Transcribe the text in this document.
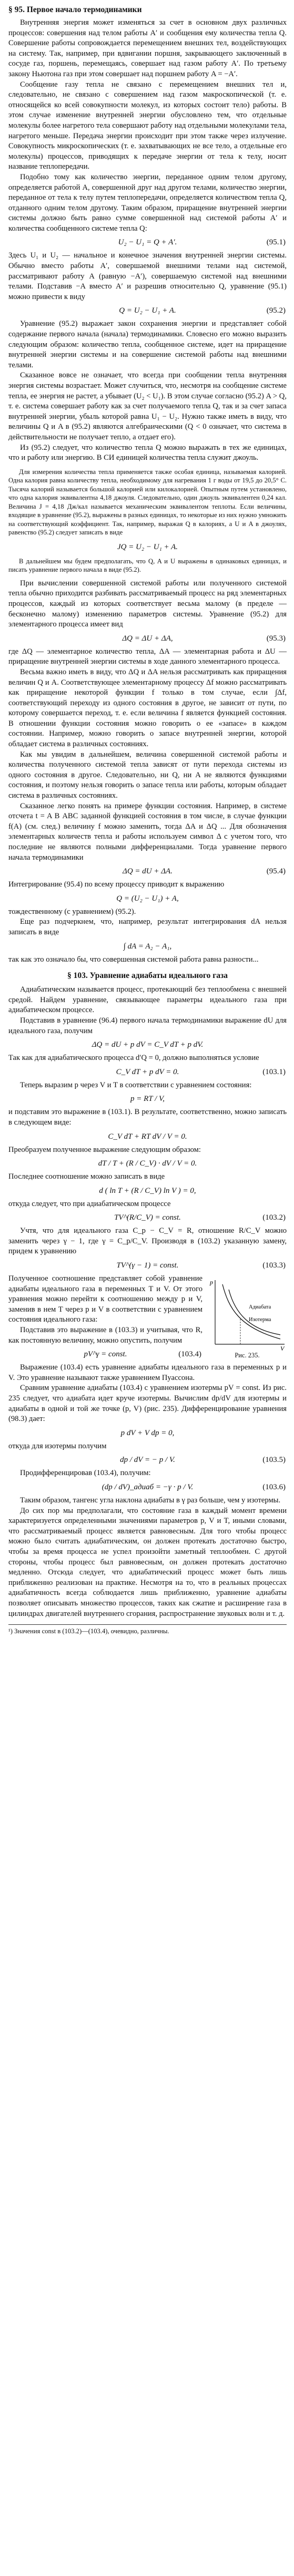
§ 95. Первое начало термодинамики

Внутренняя энергия может изменяться за счет в основном двух различных процессов: совершения над телом работы A′ и сообщения ему количества тепла Q. Совершение работы сопровождается перемещением внешних тел, воздействующих на систему. Так, например, при вдвигании поршня, закрывающего заключенный в сосуде газ, поршень, перемещаясь, совершает над газом работу A′. По третьему закону Ньютона газ при этом совершает над поршнем работу A = −A′.

Сообщение газу тепла не связано с перемещением внешних тел и, следовательно, не связано с совершением над газом макроскопической (т. е. относящейся ко всей совокупности молекул, из которых состоит тело) работы. В этом случае изменение внутренней энергии обусловлено тем, что отдельные молекулы более нагретого тела совершают работу над отдельными молекулами тела, нагретого меньше. Передача энергии происходит при этом также через излучение. Совокупность микроскопических (т. е. захватывающих не все тело, а отдельные его молекулы) процессов, приводящих к передаче энергии от тела к телу, носит название теплопередачи.

Подобно тому как количество энергии, переданное одним телом другому, определяется работой A, совершенной друг над другом телами, количество энергии, переданное от тела к телу путем теплопередачи, определяется количеством тепла Q, отданного одним телом другому. Таким образом, приращение внутренней энергии системы должно быть равно сумме совершенной над системой работы A′ и количества сообщенного системе тепла Q:

U₂ − U₁ = Q + A′.	(95.1)

Здесь U₁ и U₂ — начальное и конечное значения внутренней энергии системы. Обычно вместо работы A′, совершаемой внешними телами над системой, рассматривают работу A (равную −A′), совершаемую системой над внешними телами. Подставив −A вместо A′ и разрешив относительно Q, уравнение (95.1) можно привести к виду

Q = U₂ − U₁ + A.	(95.2)

Уравнение (95.2) выражает закон сохранения энергии и представляет собой содержание первого начала (начала) термодинамики. Словесно его можно выразить следующим образом: количество тепла, сообщенное системе, идет на приращение внутренней энергии системы и на совершение системой работы над внешними телами.

Сказанное вовсе не означает, что всегда при сообщении тепла внутренняя энергия системы возрастает. Может случиться, что, несмотря на сообщение системе тепла, ее энергия не растет, а убывает (U₂ < U₁). В этом случае согласно (95.2) A > Q, т. е. система совершает работу как за счет получаемого тепла Q, так и за счет запаса внутренней энергии, убыль которой равна U₁ − U₂. Нужно также иметь в виду, что величины Q и A в (95.2) являются алгебраическими (Q < 0 означает, что система в действительности не получает тепло, а отдает его).

Из (95.2) следует, что количество тепла Q можно выражать в тех же единицах, что и работу или энергию. В СИ единицей количества тепла служит джоуль.

Для измерения количества тепла применяется также особая единица, называемая калорией. Одна калория равна количеству тепла, необходимому для нагревания 1 г воды от 19,5 до 20,5° С. Тысяча калорий называется большой калорией или килокалорией. Опытным путем установлено, что одна калория эквивалентна 4,18 джоуля. Следовательно, один джоуль эквивалентен 0,24 кал. Величина J = 4,18 Дж/кал называется механическим эквивалентом теплоты. Если величины, входящие в уравнение (95.2), выражены в разных единицах, то некоторые из них нужно умножить на соответствующий коэффициент. Так, например, выражая Q в калориях, а U и A в джоулях, равенство (95.2) следует записать в виде
JQ = U₂ − U₁ + A.
В дальнейшем мы будем предполагать, что Q, A и U выражены в одинаковых единицах, и писать уравнение первого начала в виде (95.2).

При вычислении совершенной системой работы или полученного системой тепла обычно приходится разбивать рассматриваемый процесс на ряд элементарных процессов, каждый из которых соответствует весьма малому (в пределе — бесконечно малому) изменению параметров системы. Уравнение (95.2) для элементарного процесса имеет вид

ΔQ = ΔU + ΔA,	(95.3)

где ΔQ — элементарное количество тепла, ΔA — элементарная работа и ΔU — приращение внутренней энергии системы в ходе данного элементарного процесса.

Весьма важно иметь в виду, что ΔQ и ΔA нельзя рассматривать как приращения величин Q и A. Соответствующее элементарному процессу Δf можно рассматривать как приращение некоторой функции f только в том случае, если ∫Δf, соответствующий переходу из одного состояния в другое, не зависит от пути, по которому совершается переход, т. е. если величина f является функцией состояния. В отношении функции состояния можно говорить о ее «запасе» в каждом состоянии. Например, можно говорить о запасе внутренней энергии, которой обладает система в различных состояниях.

Как мы увидим в дальнейшем, величина совершенной системой работы и количества полученного системой тепла зависят от пути перехода системы из одного состояния в другое. Следовательно, ни Q, ни A не являются функциями состояния, и поэтому нельзя говорить о запасе тепла или работы, которым обладает система в различных состояниях.

Сказанное легко понять на примере функции состояния. Например, в системе отсчета t = A В ABC заданной функцией состояния в том числе, в случае функции f(A) (см. след.) величину f можно заменить, тогда ΔA и ΔQ ... Для обозначения элементарных количеств тепла и работы используем символ Δ с учетом того, что последние не являются полными дифференциалами. Тогда уравнение первого начала термодинамики

ΔQ = dU + ΔA.	(95.4)

Интегрирование (95.4) по всему процессу приводит к выражению

Q = (U₂ − U₁) + A,

тождественному (с уравнением) (95.2).

Еще раз подчеркнем, что, например, результат интегрирования dA нельзя записать в виде

∫ dA = A₂ − A₁,

так как это означало бы, что совершенная системой работа равна разности...

§ 103. Уравнение адиабаты идеального газа

Адиабатическим называется процесс, протекающий без теплообмена с внешней средой. Найдем уравнение, связывающее параметры идеального газа при адиабатическом процессе.

Подставив в уравнение (96.4) первого начала термодинамики выражение dU для идеального газа, получим

ΔQ = dU + p dV = C_V dT + p dV.

Так как для адиабатического процесса d′Q = 0, должно выполняться условие

C_V dT + p dV = 0.	(103.1)

Теперь выразим p через V и T в соответствии с уравнением состояния:

p = RT / V,

и подставим это выражение в (103.1). В результате, соответственно, можно записать в следующем виде:

C_V dT + RT dV / V = 0.

Преобразуем полученное выражение следующим образом:

dT / T + (R / C_V) · dV / V = 0.

Последнее соотношение можно записать в виде

d ( ln T + (R / C_V) ln V ) = 0,

откуда следует, что при адиабатическом процессе

TV^(R/C_V) = const.	(103.2)

Учтя, что для идеального газа C_p − C_V = R, отношение R/C_V можно заменить через γ − 1, где γ = C_p/C_V. Производя в (103.2) указанную замену, придем к уравнению

TV^(γ − 1) = const.	(103.3)
p
V
Адиабата
Изотерма
Рис. 235.

Полученное соотношение представляет собой уравнение адиабаты идеального газа в переменных T и V. От этого уравнения можно перейти к соотношению между p и V, заменив в нем T через p и V в соответствии с уравнением состояния идеального газа:

Подставив это выражение в (103.3) и учитывая, что R, как постоянную величину, можно опустить, получим

pV^γ = const.	(103.4)

Выражение (103.4) есть уравнение адиабаты идеального газа в переменных p и V. Это уравнение называют также уравнением Пуассона.

Сравним уравнение адиабаты (103.4) с уравнением изотермы pV = const. Из рис. 235 следует, что адиабата идет круче изотермы. Вычислим dp/dV для изотермы и адиабаты в одной и той же точке (p, V) (рис. 235). Дифференцирование уравнения (98.3) дает:

p dV + V dp = 0,

откуда для изотермы получим

dp / dV = − p / V.	(103.5)

Продифференцировав (103.4), получим:

(dp / dV)_адиаб = −γ · p / V.	(103.6)

Таким образом, тангенс угла наклона адиабаты в γ раз больше, чем у изотермы.

До сих пор мы предполагали, что состояние газа в каждый момент времени характеризуется определенными значениями параметров p, V и T, иными словами, что рассматриваемый процесс является равновесным. Для того чтобы процесс можно было считать адиабатическим, он должен протекать достаточно быстро, чтобы за время процесса не успел произойти заметный теплообмен. С другой стороны, чтобы процесс был равновесным, он должен протекать достаточно медленно. Отсюда следует, что адиабатический процесс может быть лишь приближенно реализован на практике. Несмотря на то, что в реальных процессах адиабатичность всегда соблюдается лишь приближенно, уравнение адиабаты позволяет описывать множество процессов, таких как сжатие и расширение газа в цилиндрах двигателей внутреннего сгорания, распространение звуковых волн и т. д.

¹) Значения const в (103.2)—(103.4), очевидно, различны.
